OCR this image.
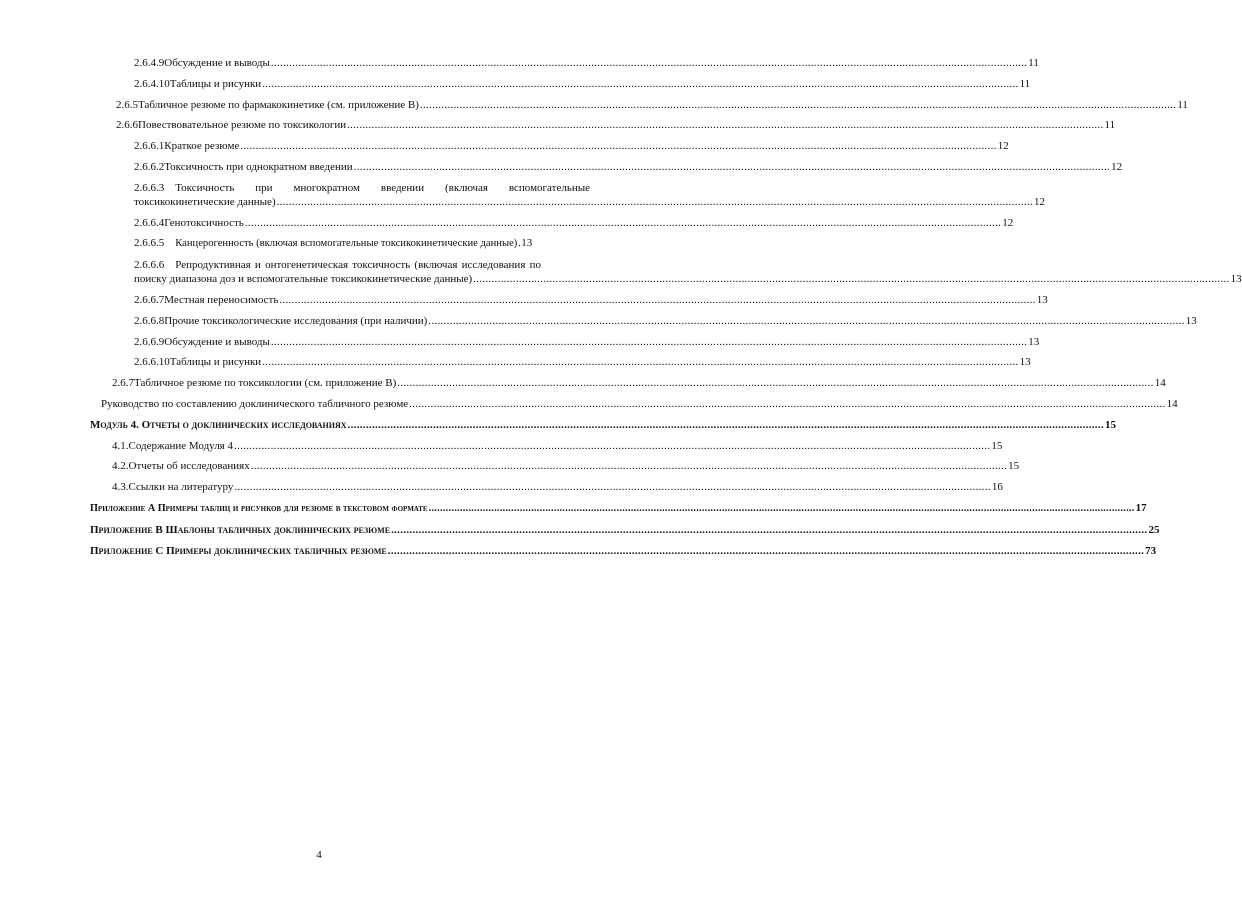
2.6.4.9 Обсуждение и выводы .....	11
2.6.4.10 Таблицы и рисунки .....	11
2.6.5 Табличное резюме по фармакокинетике (см. приложение В) .....	11
2.6.6 Повествовательное резюме по токсикологии .....	11
2.6.6.1 Краткое резюме .....	12
2.6.6.2 Токсичность при однократном введении .....	12
2.6.6.3 Токсичность при многократном введении (включая вспомогательные
токсикокинетические данные) .....	12
2.6.6.4 Генотоксичность .....	12
2.6.6.5 Канцерогенность (включая вспомогательные токсикокинетические данные) ..... 13
2.6.6.6 Репродуктивная и онтогенетическая токсичность (включая исследования по
поиску диапазона доз и вспомогательные токсикокинетические данные) .....	13
2.6.6.7 Местная переносимость .....	13
2.6.6.8 Прочие токсикологические исследования (при наличии) .....	13
2.6.6.9 Обсуждение и выводы .....	13
2.6.6.10 Таблицы и рисунки .....	13
2.6.7 Табличное резюме по токсикологии (см. приложение В) .....	14
Руководство по составлению доклинического табличного резюме .....	14
Модуль 4. Отчеты о доклинических исследованиях .....	15
4.1. Содержание Модуля 4 .....	15
4.2. Отчеты об исследованиях .....	15
4.3. Ссылки на литературу .....	16
Приложение А Примеры таблиц и рисунков для резюме в текстовом формате .....	17
Приложение В Шаблоны табличных доклинических резюме .....	25
Приложение С Примеры доклинических табличных резюме .....	73
4
